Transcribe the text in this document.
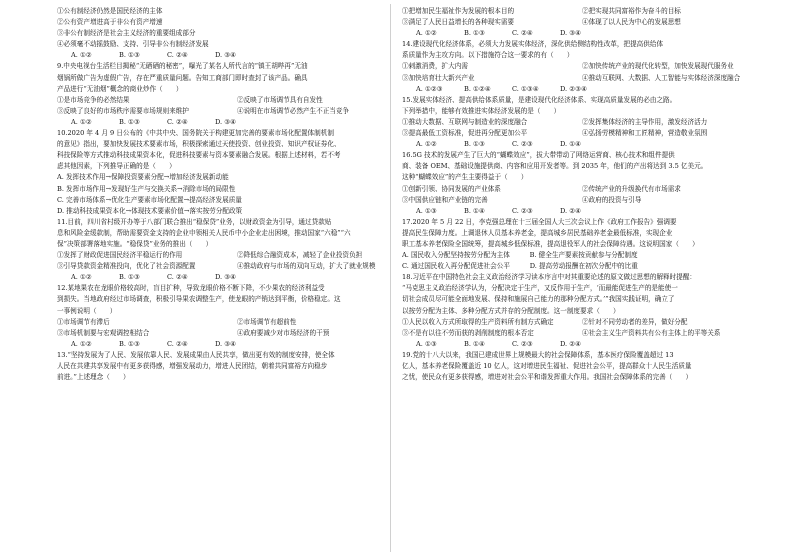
①公有制经济仍然是国民经济的主体
②公有资产增进高于非公有资产增速
③非公有制经济是社会主义经济的重要组成部分
④必须毫不动摇鼓励、支持、引导非公有制经济发展
A. ①②	B. ①③	C. ②④	D. ③④
9.中央电视台生活栏目揭秘“无硒硒的秘密”，曝光了某名人所代言的“镇王胡哔再”无油
烟锅所做广告为虚假广告，存在严重质量问题。告知工商部门即时查封了该产品。确具
产品进行“无油烟”概念的商业炒作（　　）
①是市场竞争的必然结果	②反映了市场调节具有自发性
③反映了良好的市场秩序需要市场规则来维护	④说明在市场调节必然产生不正当竞争
A. ①②	B. ①③	C. ②④	D. ③④
10.2020 年 4 月 9 日公布的《中共中央、国务院关于构建更加完善的要素市场化配置体制机制
的意见》指出，要加快发展技术要素市场，积极探索通过天使投资、创业投资、知识产权证券化、
科技保险等方式推动科技成果资本化，促进科技要素与资本要素融合发展。根据上述材料，若不考
虑其他因素，下列推导正确的是（　　）
A. 发挥技术作用→保障投资要素分配→增加经济发展新动能
B. 发挥市场作用→发现好生产与交换关系→消除市场的局限性
C. 完善市场体系→优化生产要素市场化配置→提高经济发展质量
D. 推动科技成果资本化→体现技术要素价值→落实按劳分配政策
11.目前，四川省村级开办等于八部门联合推出“稳保贷”业务，以财政资金为引导，通过贷款贴
息和风险金缓款制，帮助需要资金支持的企业申领相关人民币中小企业走出困境，推动国家“六稳”“六
保”决策部署落地实施。“稳保贷”业务的推出（　　）
①发挥了财政促进国民经济平稳运行的作用	②降低综合融资成本，减轻了企业投资负担
③引导贷款资金精准投向，优化了社会资源配置	④推动政府与市场的双向互动，扩大了就业规模
A. ①②	B. ①③	C. ②④	D. ③④
12.某地果农在龙眼价格较高时，盲目扩种，导致龙眼价格不断下降，不少果农的经济利益受
到损失。当地政府经过市场调查，积极引导果农调整生产，使龙眼的产销达到平衡，价格稳定。这
一事例说明（　　）
①市场调节有滞后	②市场调节有超前性
③市场机制要与宏观调控相结合	④政府要减少对市场经济的干预
A. ①②	B. ①③	C. ②④	D. ③④
13.“坚持发展为了人民、发展依靠人民、发展成果由人民共享，做出更有效的制度安排，使全体
人民在共建共享发展中有更多获得感，增强发展动力，增进人民团结，朝着共同富裕方向稳步
前进。”上述理念（　　）
①把增加民生福祉作为发展的根本目的	②把实现共同富裕作为奋斗的目标
③满足了人民日益增长的各种现实需要	④体现了以人民为中心的发展思想
A. ①②	B. ①③	C. ②④	D. ③④
14.建设现代化经济体系，必须大力发展实体经济，深化供给侧结构性改革，把提高供给体
系质量作为主攻方向。以下措施符合这一要求的有（　　）
①刺激消费，扩大内需	②加快传统产业的现代化转型，加快发展现代服务业
③加快培育壮大新兴产业	④推动互联网、大数据、人工智能与实体经济深度融合
A. ①②③	B. ①②④	C. ①③④	D. ②③④
15.发展实体经济、提高供给体系质量，是建设现代化经济体系、实现高质量发展的必由之路。
下列举措中，能够有效推进实体经济发展的是（　　）
①推动大数据、互联网与制造业的深度融合	②发挥集体经济的主导作用，激发经济活力
③提高最低工资标准，促进再分配更加公平	④弘扬劳模精神和工匠精神，营造敬业氛围
A. ①②	B. ①③	C. ②③	D. ①④
16.5G 技术的发展产生了巨大的“蝴蝶效应”，拔大带带动了网络运营商、核心技术和组件提供
商、装备 OEM、基础设施提供商、内容和应用开发者等。到 2035 年，他们的产出将达到 3.5 亿美元。
这种“蝴蝶效应”的产生主要得益于（　　）
①创新引领、协同发展的产业体系	②传统产业的升级换代有市场需求
③中国供应链和产业链的完善	④政府的投资与引导
A. ①③	B. ①④	C. ②③	D. ②④
17.2020 年 5 月 22 日，李克强总理在十三届全国人大三次会议上作《政府工作报告》强调要
提高民生保障力度。上调退休人员基本养老金，提高城乡居民基础养老金最低标准，实现企业
职工基本养老保险全国统筹，提高城乡低保标准，提高退役军人的社会保障待遇。这说明国家（　　）
A. 国民收入分配坚持按劳分配为主体　　　B. 健全生产要素按贡献参与分配制度
C. 通过国民收入再分配促进社会公平　　　D. 提高劳动报酬在初次分配中的比重
18.习近平在中国特色社会主义政治经济学习读本序言中对其重要论述的原文做过思想的解释时提醒：
“马克思主义政治经济学认为，分配决定于生产，又反作用于生产，‘而最能促进生产的是能使一
切社会成员尽可能全面地发展、保持和施展自己能力的那种分配方式。’”我国实践证明，确立了
以按劳分配为主体、多种分配方式并存的分配制度。这一制度要求（　　）
①人民以收入方式所取得的生产资料所有制方式确定	②针对不同劳动者的差异，做好分配
③不是有以往不劳而获的剥削制度的根本否定	④社会主义生产资料共有公有主体上的平等关系
A. ①③	B. ①④	C. ②③	D. ②④
19.党的十八大以来，我国已建成世界上规模最大的社会保障体系，基本医疗保险覆盖超过 13
亿人，基本养老保险覆盖近 10 亿人，这对增进民生福祉、促进社会公平，提高群众十人民生活质量
之忧，使民众有更多获得感，增进对社会公平和谐发挥重大作用。我国社会保障体系的完善（　　）
